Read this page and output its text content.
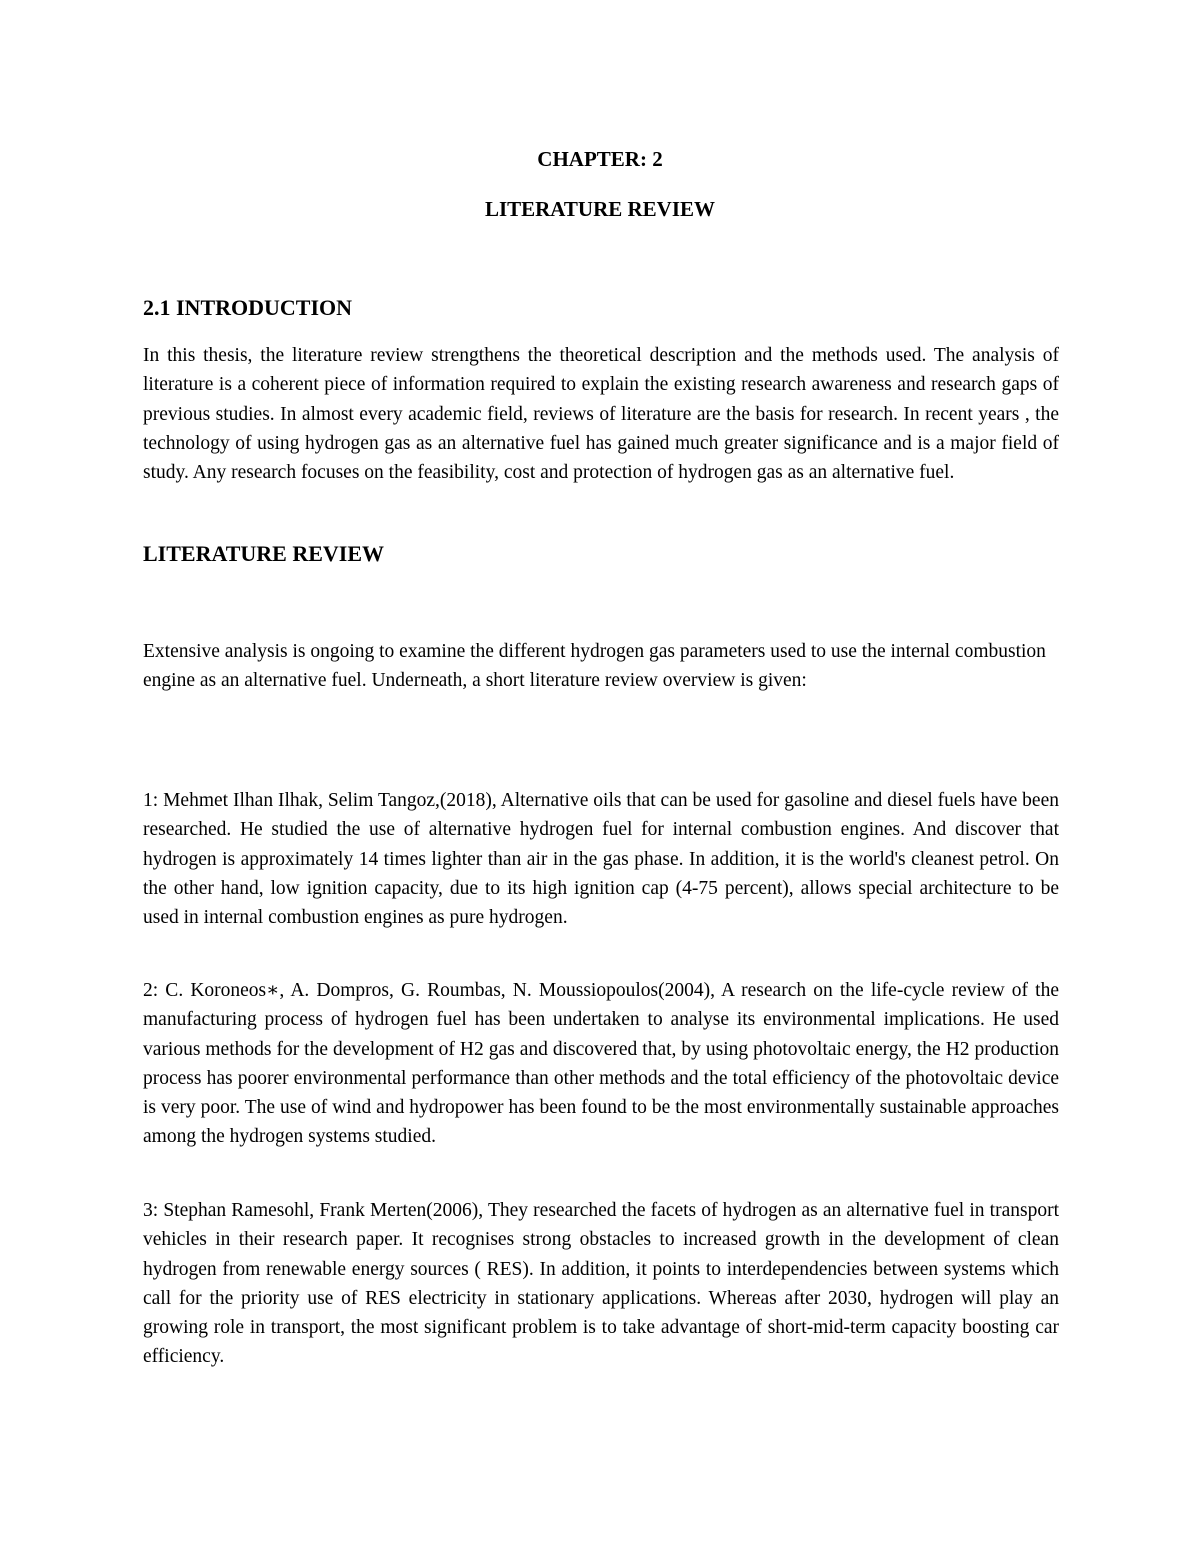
CHAPTER: 2
LITERATURE REVIEW
2.1 INTRODUCTION

In this thesis, the literature review strengthens the theoretical description and the methods used. The analysis of literature is a coherent piece of information required to explain the existing research awareness and research gaps of previous studies. In almost every academic field, reviews of literature are the basis for research. In recent years , the technology of using hydrogen gas as an alternative fuel has gained much greater significance and is a major field of study. Any research focuses on the feasibility, cost and protection of hydrogen gas as an alternative fuel.

LITERATURE REVIEW

Extensive analysis is ongoing to examine the different hydrogen gas parameters used to use the internal combustion engine as an alternative fuel. Underneath, a short literature review overview is given:

1: Mehmet Ilhan Ilhak, Selim Tangoz,(2018), Alternative oils that can be used for gasoline and diesel fuels have been researched. He studied the use of alternative hydrogen fuel for internal combustion engines. And discover that hydrogen is approximately 14 times lighter than air in the gas phase. In addition, it is the world's cleanest petrol. On the other hand, low ignition capacity, due to its high ignition cap (4-75 percent), allows special architecture to be used in internal combustion engines as pure hydrogen.

2: C. Koroneos∗, A. Dompros, G. Roumbas, N. Moussiopoulos(2004), A research on the life-cycle review of the manufacturing process of hydrogen fuel has been undertaken to analyse its environmental implications. He used various methods for the development of H2 gas and discovered that, by using photovoltaic energy, the H2 production process has poorer environmental performance than other methods and the total efficiency of the photovoltaic device is very poor. The use of wind and hydropower has been found to be the most environmentally sustainable approaches among the hydrogen systems studied.

3: Stephan Ramesohl, Frank Merten(2006), They researched the facets of hydrogen as an alternative fuel in transport vehicles in their research paper. It recognises strong obstacles to increased growth in the development of clean hydrogen from renewable energy sources ( RES). In addition, it points to interdependencies between systems which call for the priority use of RES electricity in stationary applications. Whereas after 2030, hydrogen will play an growing role in transport, the most significant problem is to take advantage of short-mid-term capacity boosting car efficiency.
